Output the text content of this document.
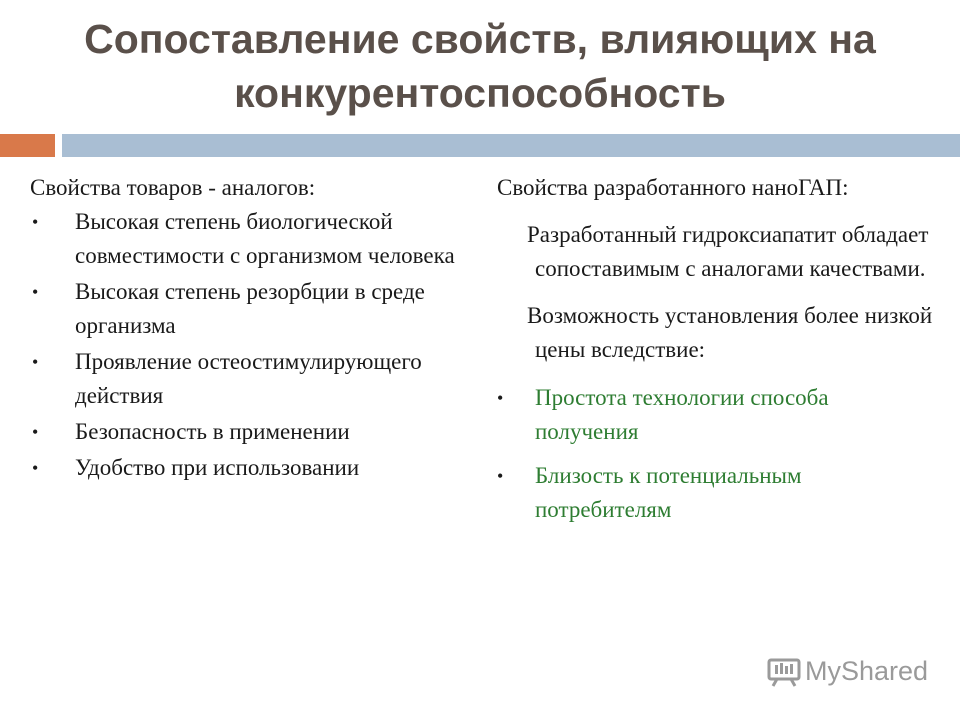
Сопоставление свойств, влияющих на
конкурентоспособность
Свойства товаров - аналогов:
• Высокая степень биологической совместимости с организмом человека
• Высокая степень резорбции в среде организма
• Проявление остеостимулирующего действия
• Безопасность в применении
• Удобство при использовании
Свойства разработанного наноГАП:
Разработанный гидроксиапатит обладает сопоставимым с аналогами качествами.
Возможность установления более низкой цены вследствие:
• Простота технологии способа получения
• Близость к потенциальным потребителям
MyShared
